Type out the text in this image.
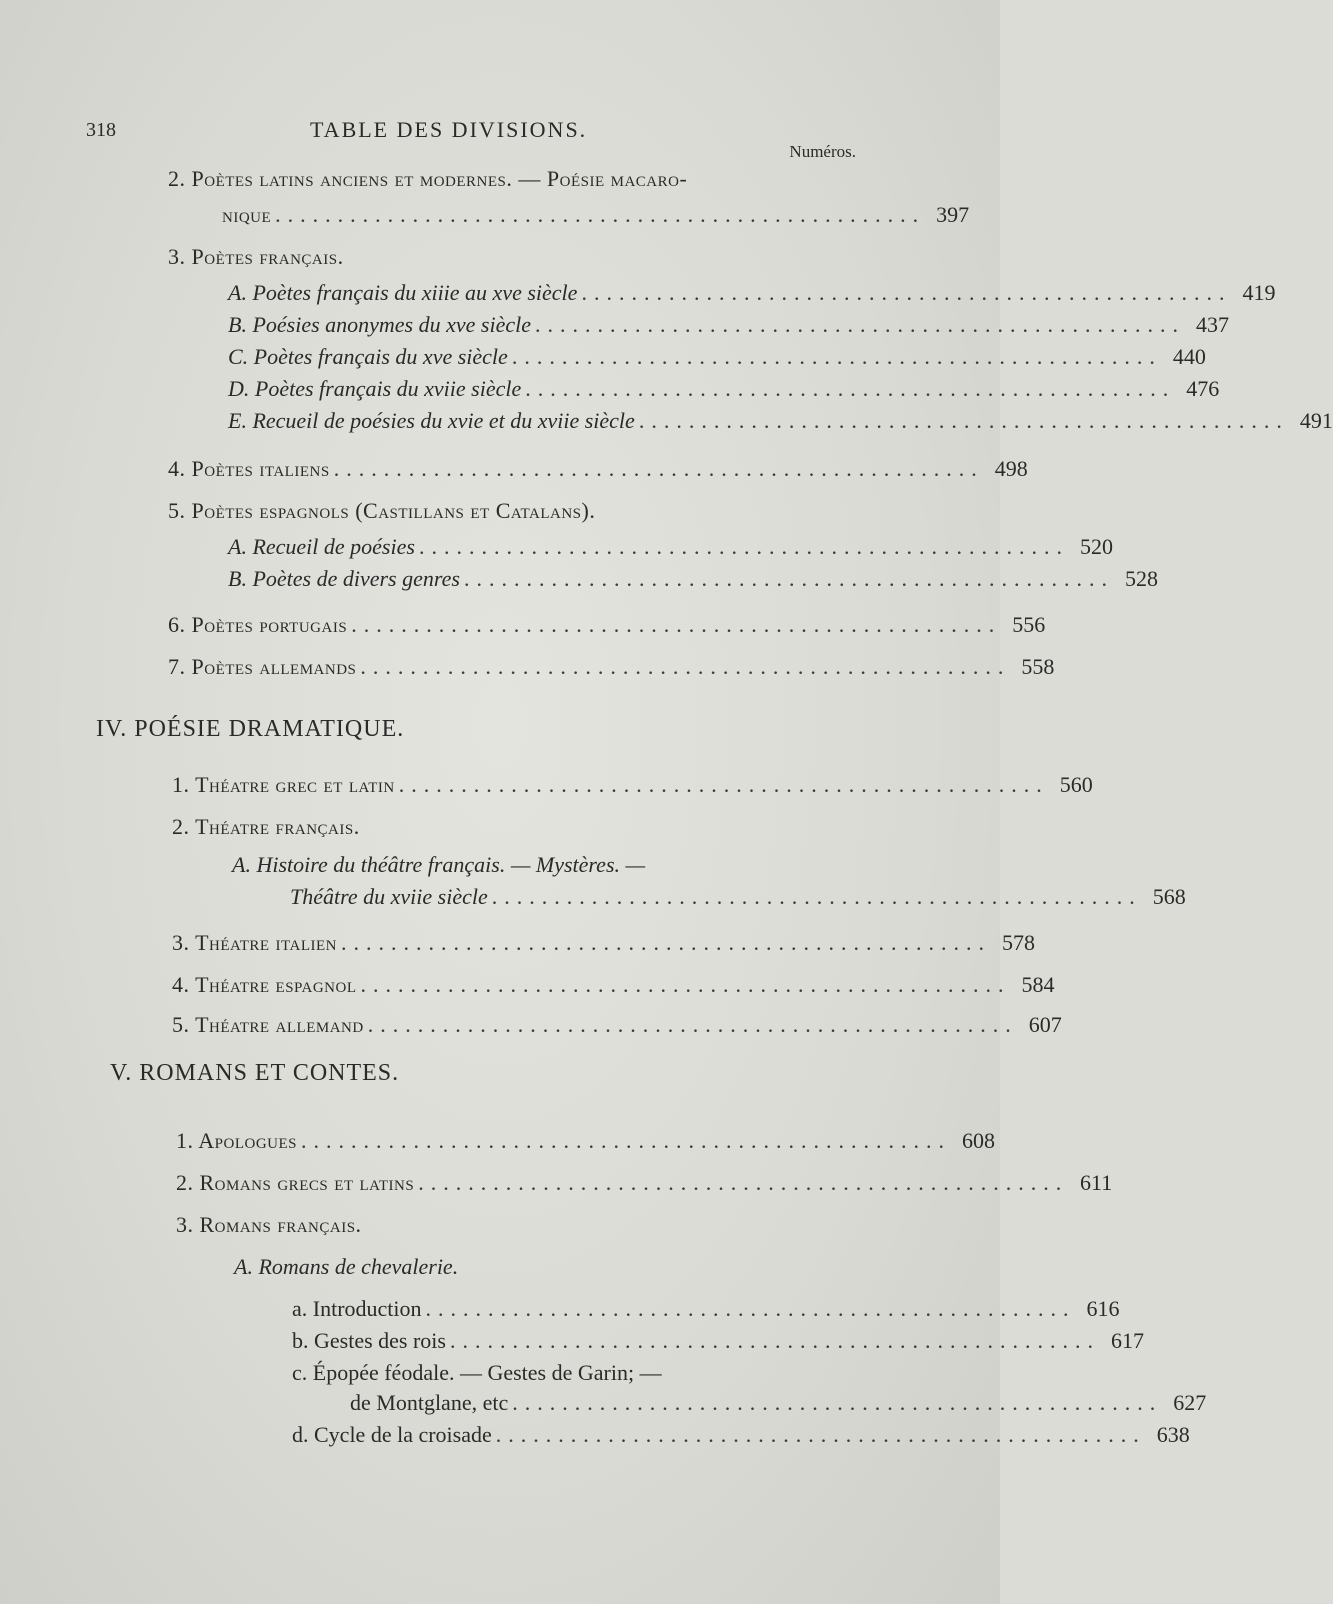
318	TABLE DES DIVISIONS.
Numéros.
IV. POÉSIE DRAMATIQUE.
V. ROMANS ET CONTES.
2. Poètes latins anciens et modernes. — Poésie macaro-
nique .................................................... 397
3. Poètes français.
A. Poètes français du xiiie au xve siècle .................................................... 419
B. Poésies anonymes du xve siècle .................................................... 437
C. Poètes français du xve siècle .................................................... 440
D. Poètes français du xviie siècle .................................................... 476
E. Recueil de poésies du xvie et du xviie siècle .................................................... 491
4. Poètes italiens .................................................... 498
5. Poètes espagnols (Castillans et Catalans).
A. Recueil de poésies .................................................... 520
B. Poètes de divers genres .................................................... 528
6. Poètes portugais .................................................... 556
7. Poètes allemands .................................................... 558
1. Théatre grec et latin .................................................... 560
2. Théatre français.
A. Histoire du théâtre français. — Mystères. —
Théâtre du xviie siècle .................................................... 568
3. Théatre italien .................................................... 578
4. Théatre espagnol .................................................... 584
5. Théatre allemand .................................................... 607
1. Apologues .................................................... 608
2. Romans grecs et latins .................................................... 611
3. Romans français.
A. Romans de chevalerie.
a. Introduction .................................................... 616
b. Gestes des rois .................................................... 617
c. Épopée féodale. — Gestes de Garin; —
de Montglane, etc .................................................... 627
d. Cycle de la croisade .................................................... 638
